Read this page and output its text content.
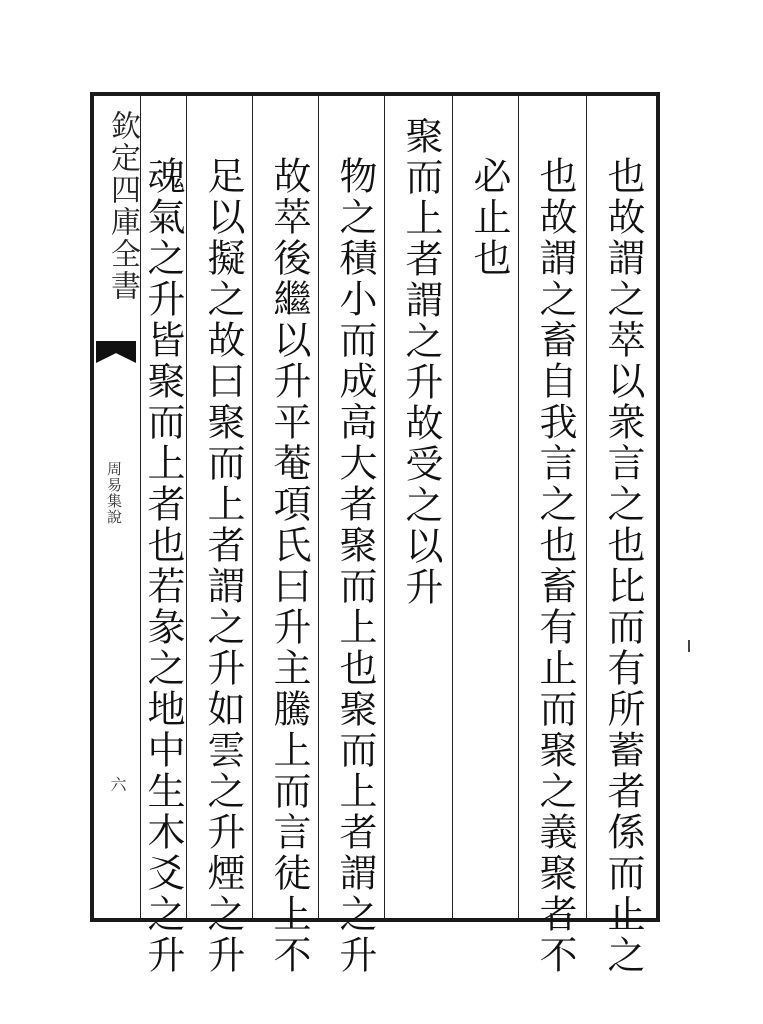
欽定四庫全書
周易集說
六	也故謂之萃以衆言之也比而有所蓄者係而止之
也故謂之畜自我言之也畜有止而聚之義聚者不
必止也
聚而上者謂之升故受之以升
物之積小而成高大者聚而上也聚而上者謂之升
故萃後繼以升平菴項氏曰升主騰上而言徒上不
足以擬之故曰聚而上者謂之升如雲之升煙之升
魂氣之升皆聚而上者也若彖之地中生木爻之升
